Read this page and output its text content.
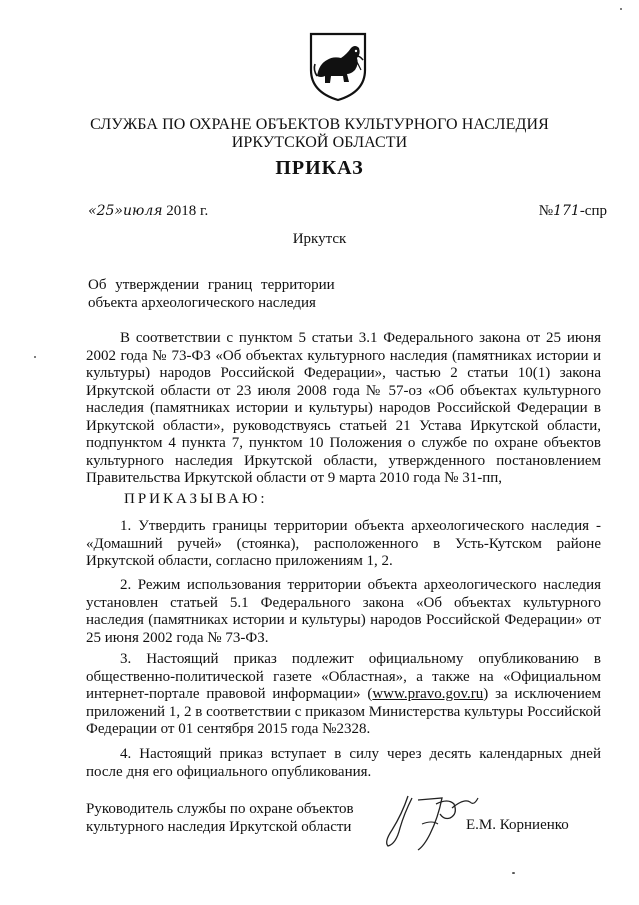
СЛУЖБА ПО ОХРАНЕ ОБЪЕКТОВ КУЛЬТУРНОГО НАСЛЕДИЯ
ИРКУТСКОЙ ОБЛАСТИ
ПРИКАЗ
«25»июля 2018 г.	№171-спр
Иркутск
Об утверждении границ территории
объекта археологического наследия
В соответствии с пунктом 5 статьи 3.1 Федерального закона от 25 июня 2002 года № 73-ФЗ «Об объектах культурного наследия (памятниках истории и культуры) народов Российской Федерации», частью 2 статьи 10(1) закона Иркутской области от 23 июля 2008 года № 57-оз «Об объектах культурного наследия (памятниках истории и культуры) народов Российской Федерации в Иркутской области», руководствуясь статьей 21 Устава Иркутской области, подпунктом 4 пункта 7, пунктом 10 Положения о службе по охране объектов культурного наследия Иркутской области, утвержденного постановлением Правительства Иркутской области от 9 марта 2010 года № 31-пп,
ПРИКАЗЫВАЮ:
1. Утвердить границы территории объекта археологического наследия - «Домашний ручей» (стоянка), расположенного в Усть-Кутском районе Иркутской области, согласно приложениям 1, 2.
2. Режим использования территории объекта археологического наследия установлен статьей 5.1 Федерального закона «Об объектах культурного наследия (памятниках истории и культуры) народов Российской Федерации» от 25 июня 2002 года № 73-ФЗ.
3. Настоящий приказ подлежит официальному опубликованию в общественно-политической газете «Областная», а также на «Официальном интернет-портале правовой информации» (www.pravo.gov.ru) за исключением приложений 1, 2 в соответствии с приказом Министерства культуры Российской Федерации от 01 сентября 2015 года №2328.
4. Настоящий приказ вступает в силу через десять календарных дней после дня его официального опубликования.
Руководитель службы по охране объектов
культурного наследия Иркутской области	Е.М. Корниенко
